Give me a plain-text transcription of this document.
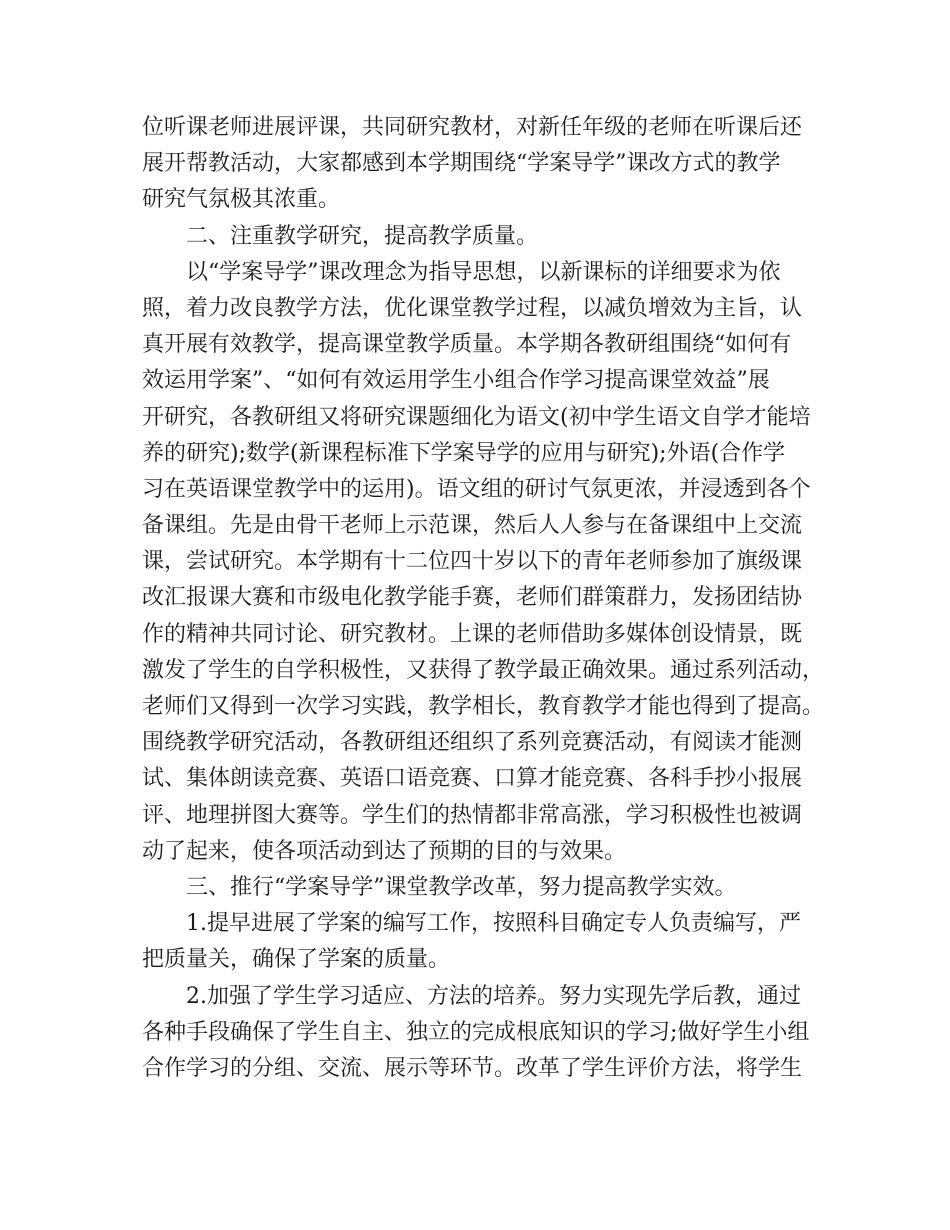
位听课老师进展评课，共同研究教材，对新任年级的老师在听课后还
展开帮教活动，大家都感到本学期围绕“学案导学”课改方式的教学
研究气氛极其浓重。
二、注重教学研究，提高教学质量。
以“学案导学”课改理念为指导思想，以新课标的详细要求为依
照，着力改良教学方法，优化课堂教学过程，以减负增效为主旨，认
真开展有效教学，提高课堂教学质量。本学期各教研组围绕“如何有
效运用学案”、“如何有效运用学生小组合作学习提高课堂效益”展
开研究，各教研组又将研究课题细化为语文(初中学生语文自学才能培
养的研究);数学(新课程标准下学案导学的应用与研究);外语(合作学
习在英语课堂教学中的运用)。语文组的研讨气氛更浓，并浸透到各个
备课组。先是由骨干老师上示范课，然后人人参与在备课组中上交流
课，尝试研究。本学期有十二位四十岁以下的青年老师参加了旗级课
改汇报课大赛和市级电化教学能手赛，老师们群策群力，发扬团结协
作的精神共同讨论、研究教材。上课的老师借助多媒体创设情景，既
激发了学生的自学积极性，又获得了教学最正确效果。通过系列活动，
老师们又得到一次学习实践，教学相长，教育教学才能也得到了提高。
围绕教学研究活动，各教研组还组织了系列竞赛活动，有阅读才能测
试、集体朗读竞赛、英语口语竞赛、口算才能竞赛、各科手抄小报展
评、地理拼图大赛等。学生们的热情都非常高涨，学习积极性也被调
动了起来，使各项活动到达了预期的目的与效果。
三、推行“学案导学”课堂教学改革，努力提高教学实效。
1.提早进展了学案的编写工作，按照科目确定专人负责编写，严
把质量关，确保了学案的质量。
2.加强了学生学习适应、方法的培养。努力实现先学后教，通过
各种手段确保了学生自主、独立的完成根底知识的学习;做好学生小组
合作学习的分组、交流、展示等环节。改革了学生评价方法，将学生
